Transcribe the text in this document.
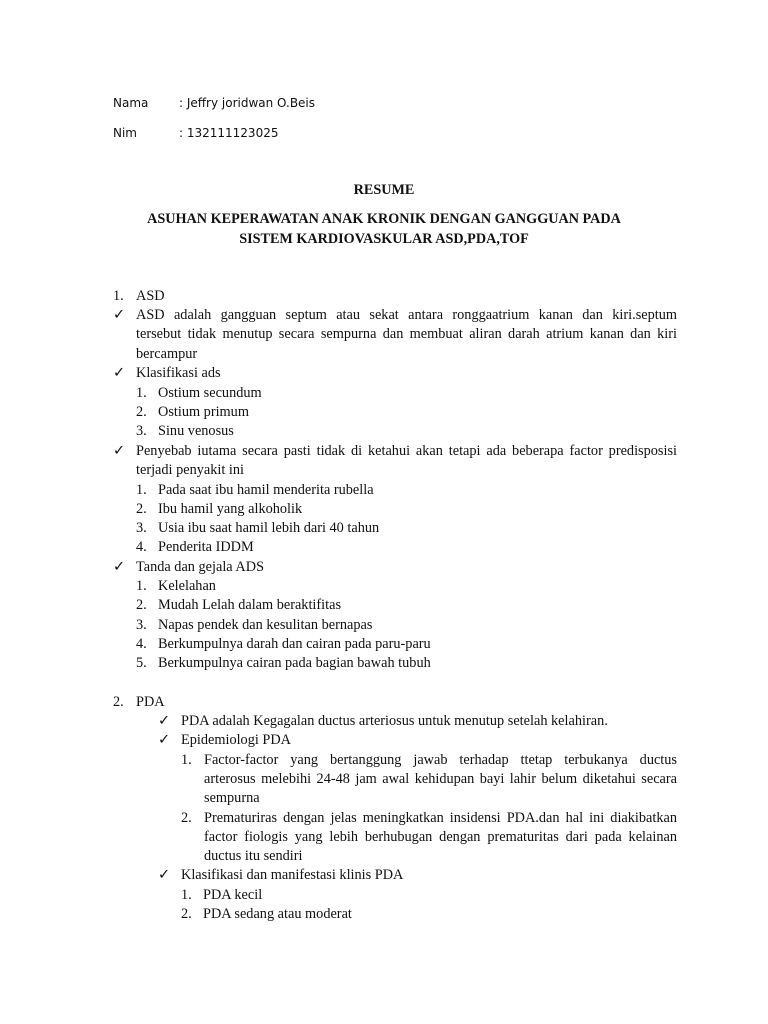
Nama	: Jeffry joridwan O.Beis
Nim	: 132111123025
RESUME
ASUHAN KEPERAWATAN ANAK KRONIK DENGAN GANGGUAN PADA
SISTEM KARDIOVASKULAR ASD,PDA,TOF
1. ASD
✓ ASD adalah gangguan septum atau sekat antara ronggaatrium kanan dan kiri.septum
tersebut tidak menutup secara sempurna dan membuat aliran darah atrium kanan dan kiri
bercampur
✓ Klasifikasi ads
1. Ostium secundum
2. Ostium primum
3. Sinu venosus
✓ Penyebab iutama secara pasti tidak di ketahui akan tetapi ada beberapa factor predisposisi
terjadi penyakit ini
1. Pada saat ibu hamil menderita rubella
2. Ibu hamil yang alkoholik
3. Usia ibu saat hamil lebih dari 40 tahun
4. Penderita IDDM
✓ Tanda dan gejala ADS
1. Kelelahan
2. Mudah Lelah dalam beraktifitas
3. Napas pendek dan kesulitan bernapas
4. Berkumpulnya darah dan cairan pada paru-paru
5. Berkumpulnya cairan pada bagian bawah tubuh
2. PDA
✓ PDA adalah Kegagalan ductus arteriosus untuk menutup setelah kelahiran.
✓ Epidemiologi PDA
1. Factor-factor yang bertanggung jawab terhadap ttetap terbukanya ductus
arterosus melebihi 24-48 jam awal kehidupan bayi lahir belum diketahui secara
sempurna
2. Prematuriras dengan jelas meningkatkan insidensi PDA.dan hal ini diakibatkan
factor fiologis yang lebih berhubugan dengan prematuritas dari pada kelainan
ductus itu sendiri
✓ Klasifikasi dan manifestasi klinis PDA
1. PDA kecil
2. PDA sedang atau moderat
